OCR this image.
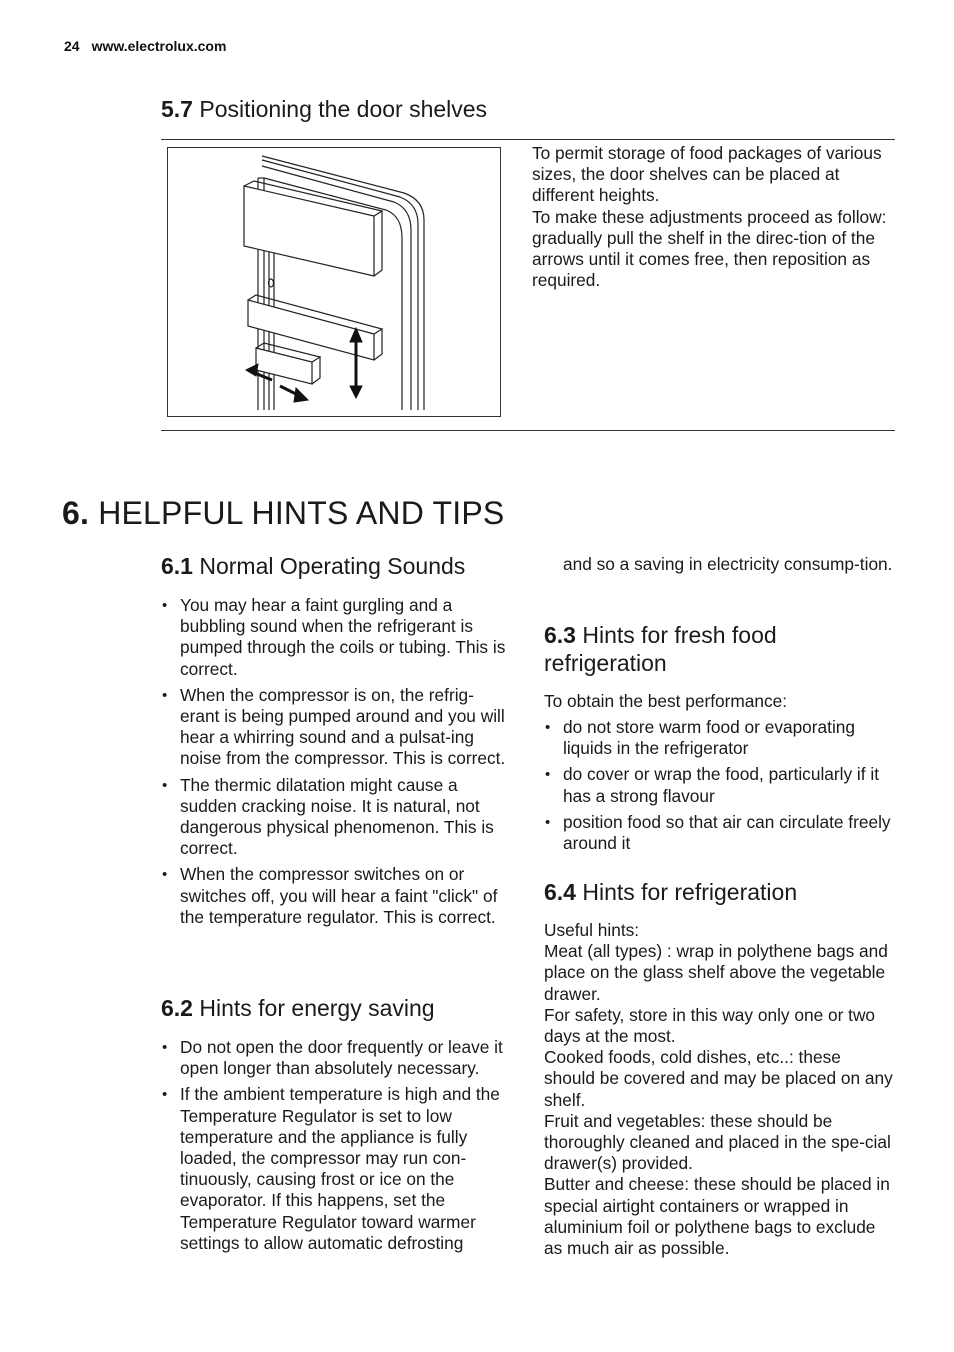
24 www.electrolux.com
5.7 Positioning the door shelves

To permit storage of food packages of various sizes, the door shelves can be placed at different heights.

To make these adjustments proceed as follow: gradually pull the shelf in the direc-tion of the arrows until it comes free, then reposition as required.

6. HELPFUL HINTS AND TIPS
6.1 Normal Operating Sounds
• You may hear a faint gurgling and a bubbling sound when the refrigerant is pumped through the coils or tubing. This is correct.
• When the compressor is on, the refrig-erant is being pumped around and you will hear a whirring sound and a pulsat-ing noise from the compressor. This is correct.
• The thermic dilatation might cause a sudden cracking noise. It is natural, not dangerous physical phenomenon. This is correct.
• When the compressor switches on or switches off, you will hear a faint "click" of the temperature regulator. This is correct.
6.2 Hints for energy saving
• Do not open the door frequently or leave it open longer than absolutely necessary.
• If the ambient temperature is high and the Temperature Regulator is set to low temperature and the appliance is fully loaded, the compressor may run con-tinuously, causing frost or ice on the evaporator. If this happens, set the Temperature Regulator toward warmer settings to allow automatic defrosting
and so a saving in electricity consump-tion.
6.3 Hints for fresh food
refrigeration
To obtain the best performance:
• do not store warm food or evaporating liquids in the refrigerator
• do cover or wrap the food, particularly if it has a strong flavour
• position food so that air can circulate freely around it
6.4 Hints for refrigeration

Useful hints:

Meat (all types) : wrap in polythene bags and place on the glass shelf above the vegetable drawer.

For safety, store in this way only one or two days at the most.

Cooked foods, cold dishes, etc..: these should be covered and may be placed on any shelf.

Fruit and vegetables: these should be thoroughly cleaned and placed in the spe-cial drawer(s) provided.

Butter and cheese: these should be placed in special airtight containers or wrapped in aluminium foil or polythene bags to exclude as much air as possible.
